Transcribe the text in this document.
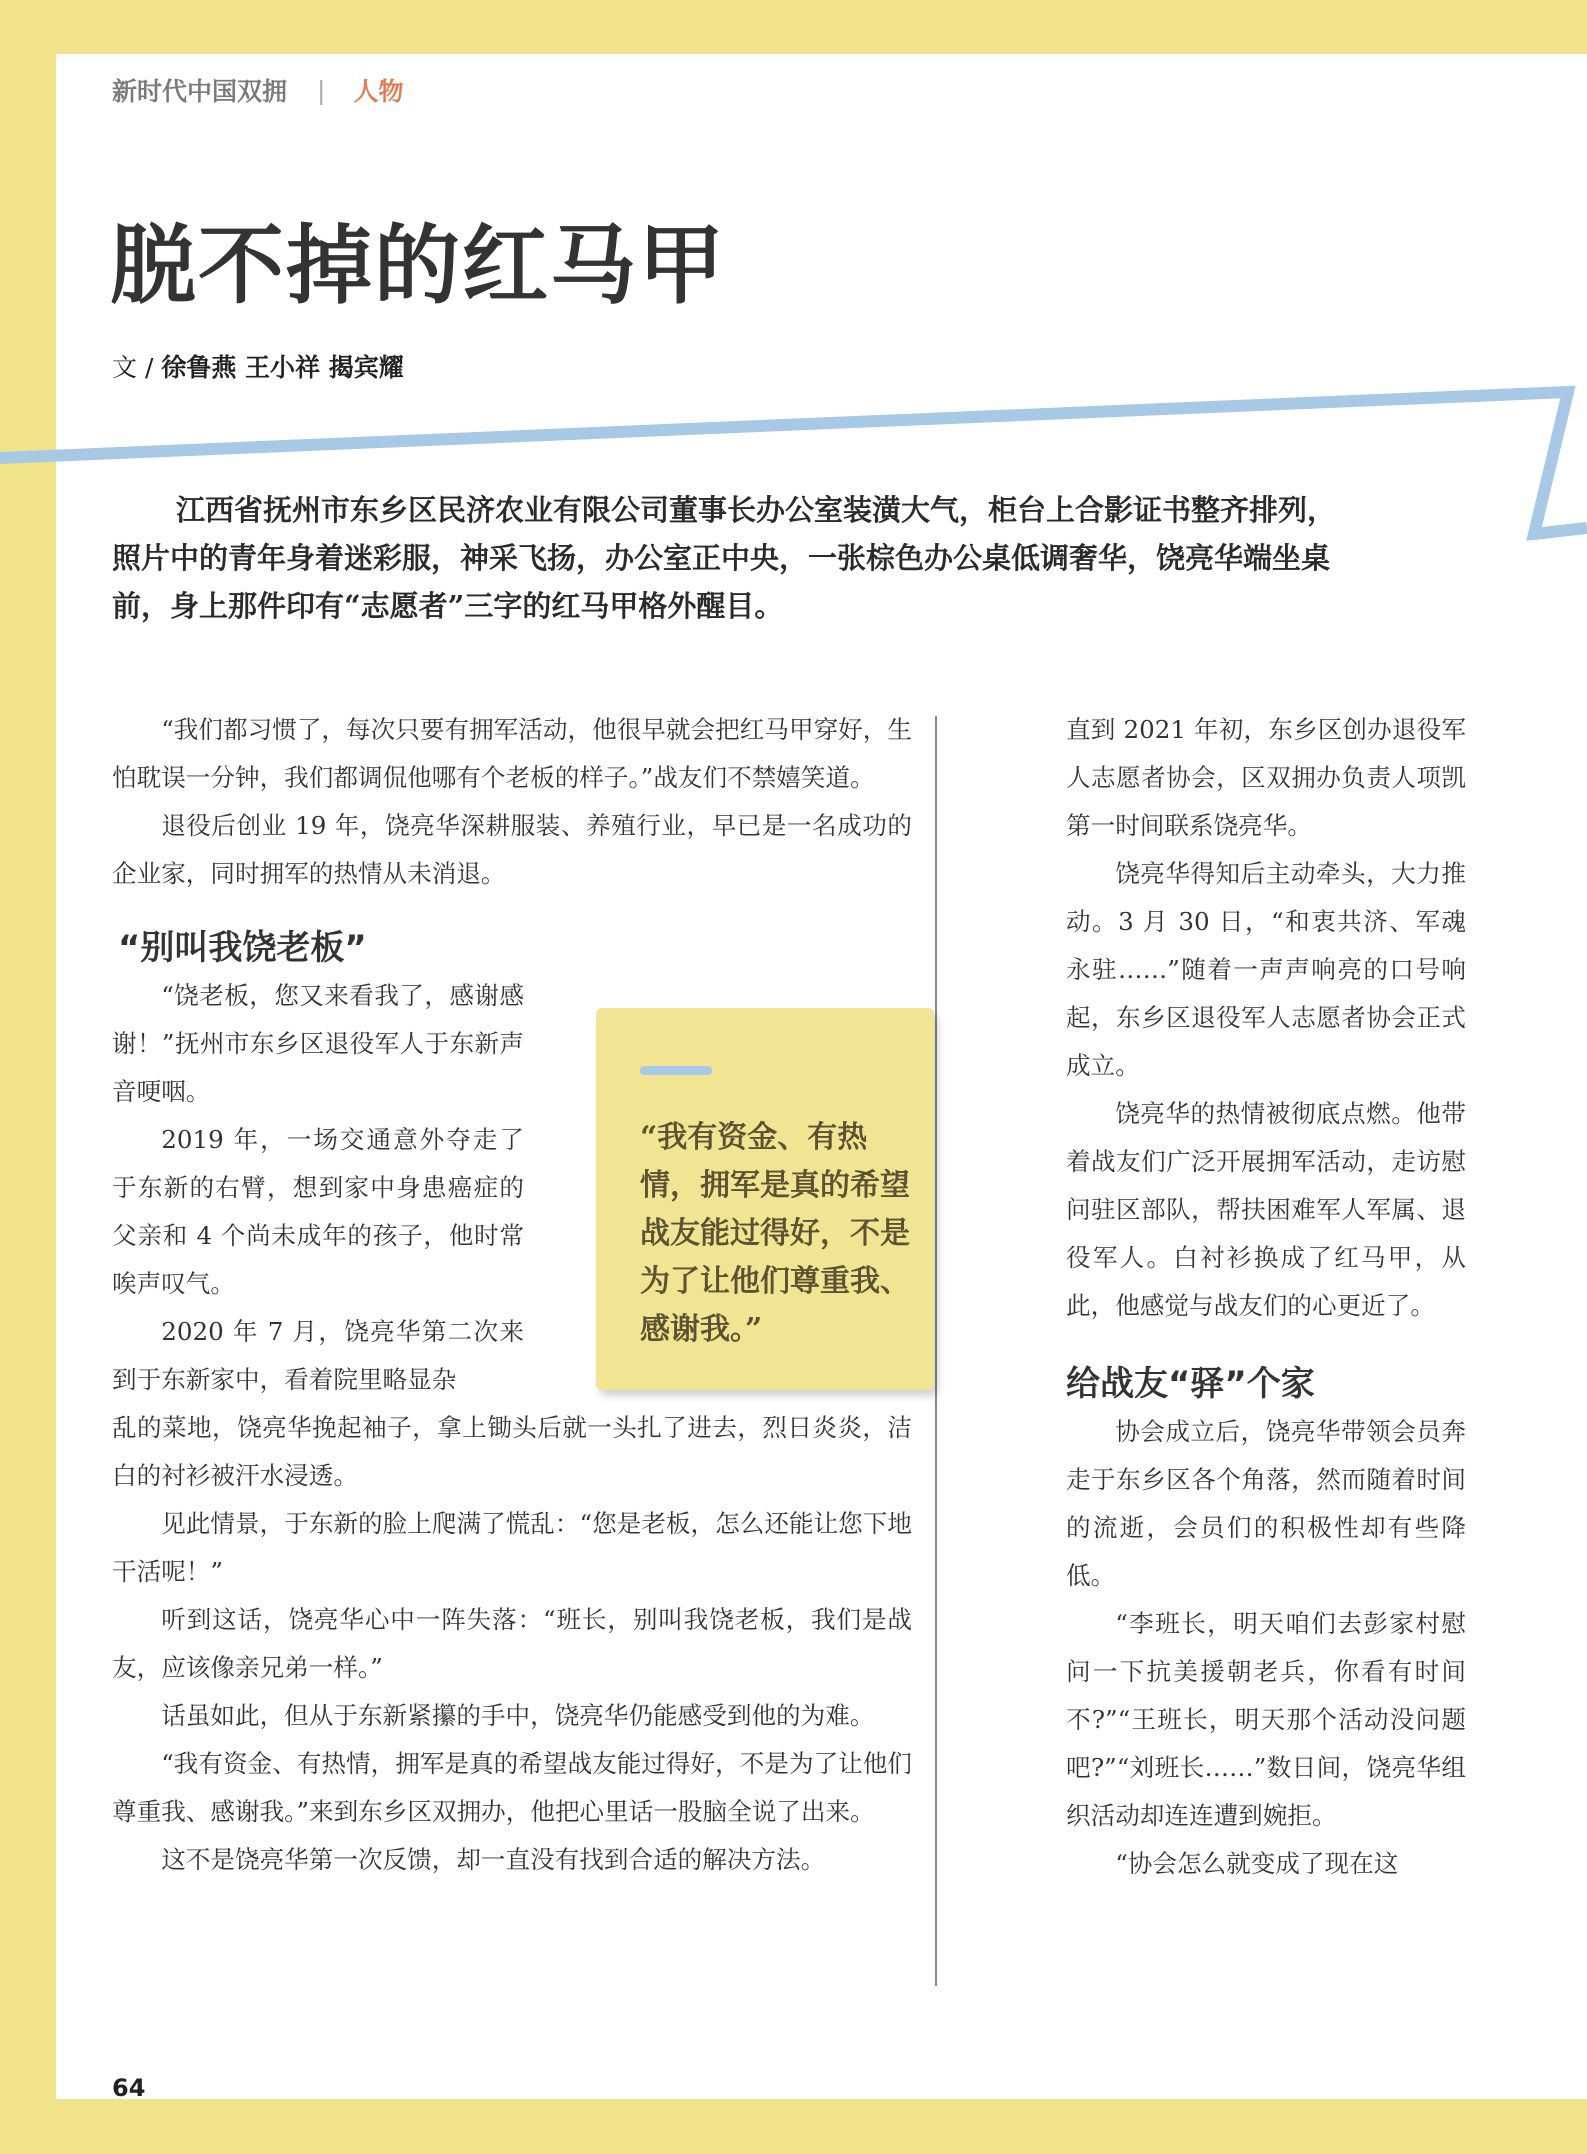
新时代中国双拥 | 人物
脱不掉的红马甲
文 / 徐鲁燕 王小祥 揭宾耀

江西省抚州市东乡区民济农业有限公司董事长办公室装潢大气，柜台上合影证书整齐排列，照片中的青年身着迷彩服，神采飞扬，办公室正中央，一张棕色办公桌低调奢华，饶亮华端坐桌前，身上那件印有“志愿者”三字的红马甲格外醒目。

“我们都习惯了，每次只要有拥军活动，他很早就会把红马甲穿好，生怕耽误一分钟，我们都调侃他哪有个老板的样子。”战友们不禁嬉笑道。

退役后创业 19 年，饶亮华深耕服装、养殖行业，早已是一名成功的企业家，同时拥军的热情从未消退。

“别叫我饶老板”

“饶老板，您又来看我了，感谢感谢！”抚州市东乡区退役军人于东新声音哽咽。

2019 年，一场交通意外夺走了于东新的右臂，想到家中身患癌症的父亲和 4 个尚未成年的孩子，他时常唉声叹气。

2020 年 7 月，饶亮华第二次来到于东新家中，看着院里略显杂

乱的菜地，饶亮华挽起袖子，拿上锄头后就一头扎了进去，烈日炎炎，洁白的衬衫被汗水浸透。

见此情景，于东新的脸上爬满了慌乱：“您是老板，怎么还能让您下地干活呢！”

听到这话，饶亮华心中一阵失落：“班长，别叫我饶老板，我们是战友，应该像亲兄弟一样。”

话虽如此，但从于东新紧攥的手中，饶亮华仍能感受到他的为难。

“我有资金、有热情，拥军是真的希望战友能过得好，不是为了让他们尊重我、感谢我。”来到东乡区双拥办，他把心里话一股脑全说了出来。

这不是饶亮华第一次反馈，却一直没有找到合适的解决方法。

“我有资金、有热情，拥军是真的希望战友能过得好，不是为了让他们尊重我、感谢我。”

直到 2021 年初，东乡区创办退役军人志愿者协会，区双拥办负责人项凯第一时间联系饶亮华。

饶亮华得知后主动牵头，大力推动。3 月 30 日，“和衷共济、军魂永驻……”随着一声声响亮的口号响起，东乡区退役军人志愿者协会正式成立。

饶亮华的热情被彻底点燃。他带着战友们广泛开展拥军活动，走访慰问驻区部队，帮扶困难军人军属、退役军人。白衬衫换成了红马甲，从此，他感觉与战友们的心更近了。

给战友“驿”个家

协会成立后，饶亮华带领会员奔走于东乡区各个角落，然而随着时间的流逝，会员们的积极性却有些降低。

“李班长，明天咱们去彭家村慰问一下抗美援朝老兵，你看有时间不?”“王班长，明天那个活动没问题吧?”“刘班长……”数日间，饶亮华组织活动却连连遭到婉拒。

“协会怎么就变成了现在这

64
